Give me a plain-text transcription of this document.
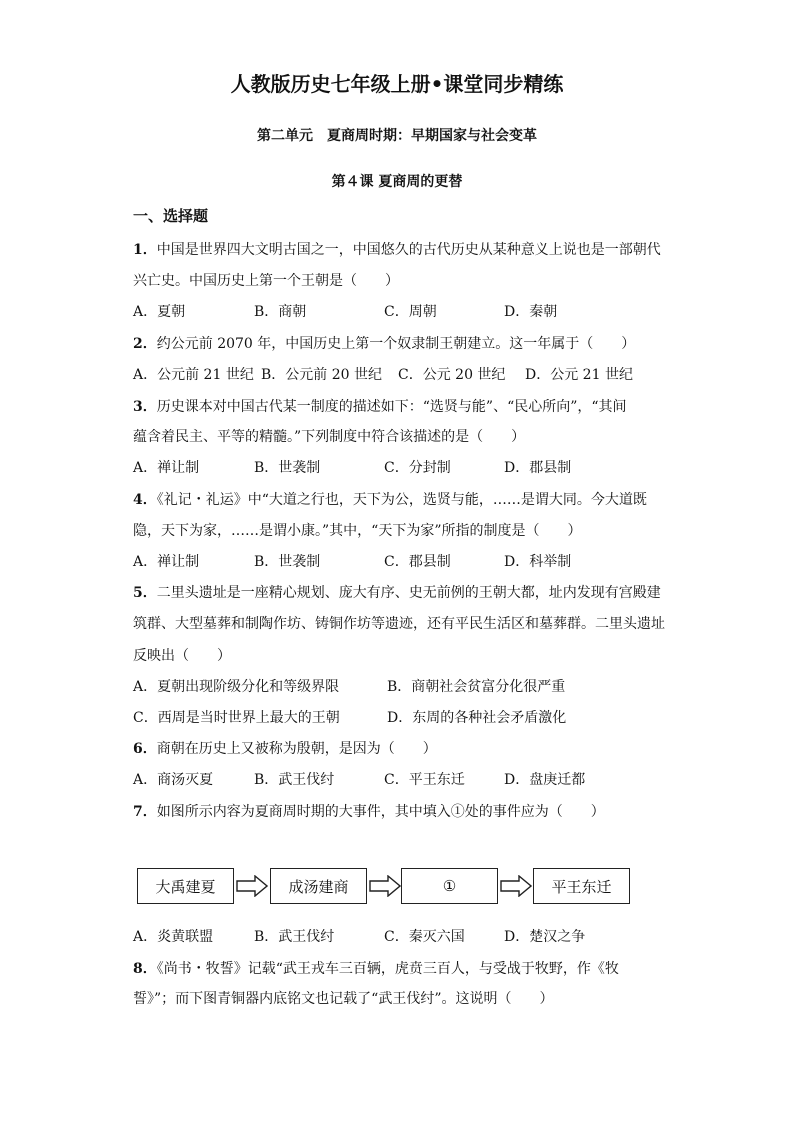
人教版历史七年级上册•课堂同步精练
第二单元　夏商周时期：早期国家与社会变革
第４课 夏商周的更替
一、选择题
1．中国是世界四大文明古国之一，中国悠久的古代历史从某种意义上说也是一部朝代
兴亡史。中国历史上第一个王朝是（　　）
A．夏朝	B．商朝	C．周朝	D．秦朝
2．约公元前 2070 年，中国历史上第一个奴隶制王朝建立。这一年属于（　　）
A．公元前 21 世纪 B．公元前 20 世纪 C．公元 20 世纪 D．公元 21 世纪
3．历史课本对中国古代某一制度的描述如下：“选贤与能”、“民心所向”，“其间
蕴含着民主、平等的精髓。”下列制度中符合该描述的是（　　）
A．禅让制	B．世袭制	C．分封制	D．郡县制
4．《礼记・礼运》中“大道之行也，天下为公，选贤与能，……是谓大同。今大道既
隐，天下为家，……是谓小康。”其中，“天下为家”所指的制度是（　　）
A．禅让制	B．世袭制	C．郡县制	D．科举制
5．二里头遗址是一座精心规划、庞大有序、史无前例的王朝大都，址内发现有宫殿建
筑群、大型墓葬和制陶作坊、铸铜作坊等遗迹，还有平民生活区和墓葬群。二里头遗址
反映出（　　）
A．夏朝出现阶级分化和等级界限	B．商朝社会贫富分化很严重
C．西周是当时世界上最大的王朝	D．东周的各种社会矛盾激化
6．商朝在历史上又被称为殷朝，是因为（　　）
A．商汤灭夏	B．武王伐纣	C．平王东迁	D．盘庚迁都
7．如图所示内容为夏商周时期的大事件，其中填入①处的事件应为（　　）
大禹建夏	成汤建商	①	平王东迁
A．炎黄联盟	B．武王伐纣	C．秦灭六国	D．楚汉之争
8．《尚书・牧誓》记载“武王戎车三百辆，虎贲三百人，与受战于牧野，作《牧
誓》”；而下图青铜器内底铭文也记载了“武王伐纣”。这说明（　　）
